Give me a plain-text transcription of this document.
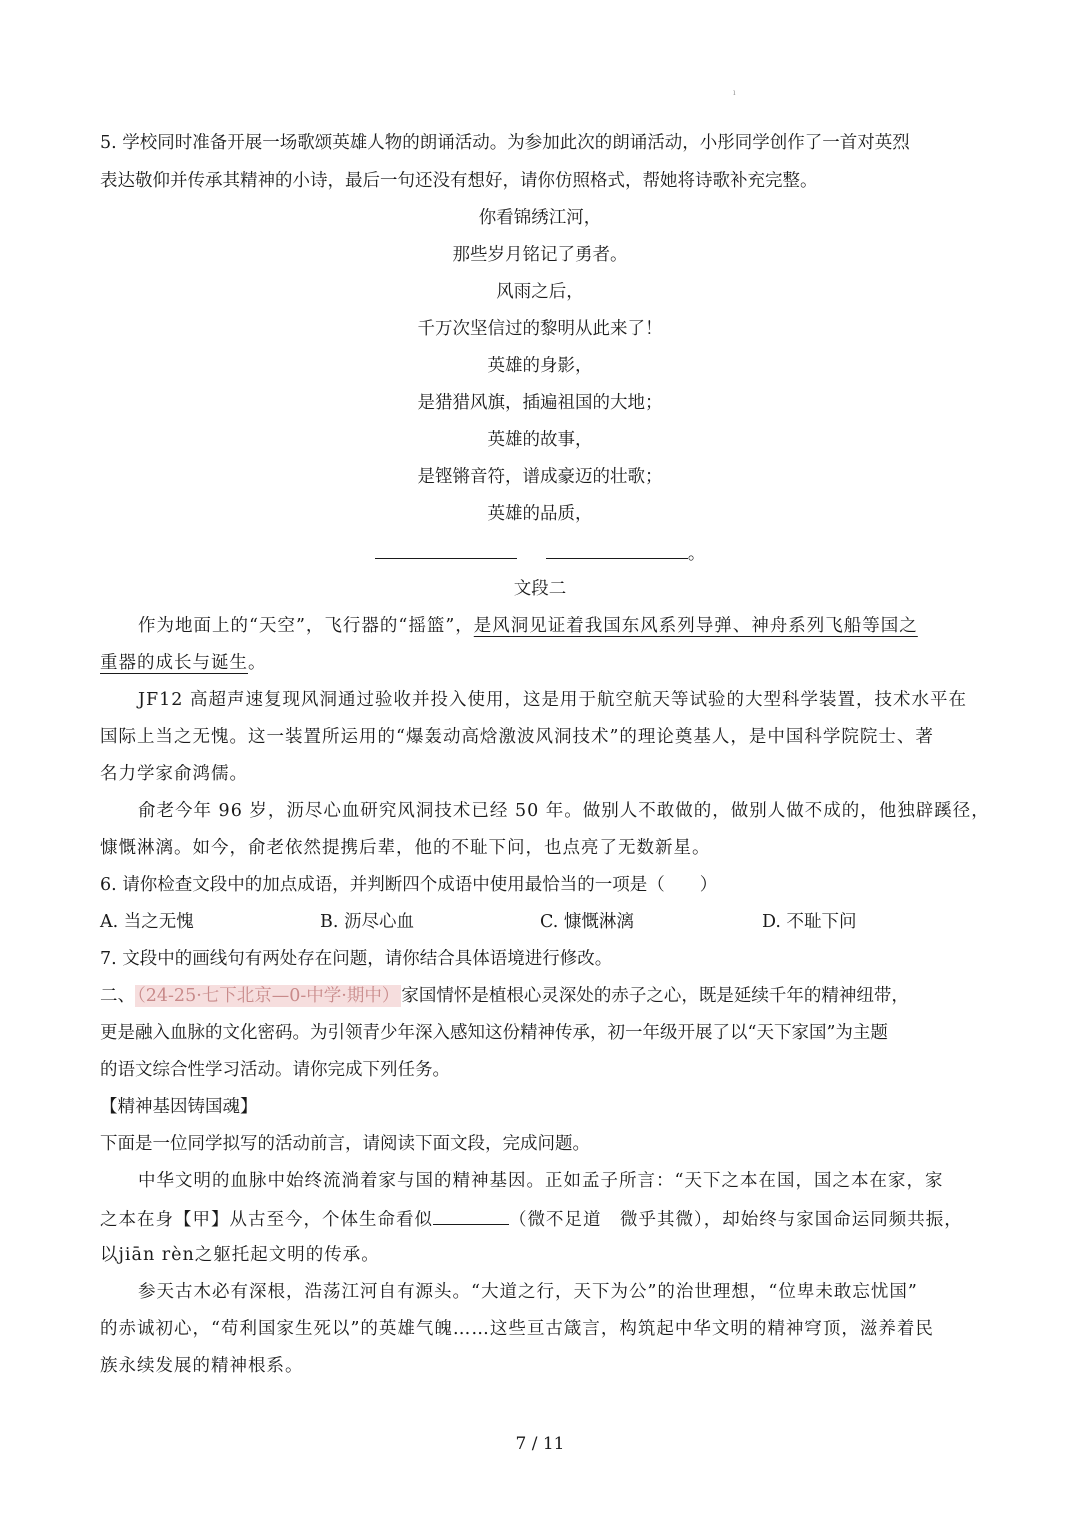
ı
5. 学校同时准备开展一场歌颂英雄人物的朗诵活动。为参加此次的朗诵活动，小彤同学创作了一首对英烈
表达敬仰并传承其精神的小诗，最后一句还没有想好，请你仿照格式，帮她将诗歌补充完整。
你看锦绣江河，
那些岁月铭记了勇者。
风雨之后，
千万次坚信过的黎明从此来了！
英雄的身影，
是猎猎风旗，插遍祖国的大地；
英雄的故事，
是铿锵音符，谱成豪迈的壮歌；
英雄的品质，
。
文段二
作为地面上的“天空”，飞行器的“摇篮”，是风洞见证着我国东风系列导弹、神舟系列飞船等国之
重器的成长与诞生。
JF12 高超声速复现风洞通过验收并投入使用，这是用于航空航天等试验的大型科学装置，技术水平在
国际上当之无愧。这一装置所运用的“爆轰动高焓激波风洞技术”的理论奠基人，是中国科学院院士、著
名力学家俞鸿儒。
俞老今年 96 岁，沥尽心血研究风洞技术已经 50 年。做别人不敢做的，做别人做不成的，他独辟蹊径，
慷慨淋漓。如今，俞老依然提携后辈，他的不耻下问，也点亮了无数新星。
6. 请你检查文段中的加点成语，并判断四个成语中使用最恰当的一项是（　　）
A. 当之无愧	B. 沥尽心血	C. 慷慨淋漓	D. 不耻下问
7. 文段中的画线句有两处存在问题，请你结合具体语境进行修改。
二、 （24-25·七下北京—0-中学·期中） 家国情怀是植根心灵深处的赤子之心，既是延续千年的精神纽带，
更是融入血脉的文化密码。为引领青少年深入感知这份精神传承，初一年级开展了以“天下家国”为主题
的语文综合性学习活动。请你完成下列任务。
【精神基因铸国魂】
下面是一位同学拟写的活动前言，请阅读下面文段，完成问题。
中华文明的血脉中始终流淌着家与国的精神基因。正如孟子所言：“天下之本在国，国之本在家，家
之本在身【甲】从古至今，个体生命看似	（微不足道　微乎其微），却始终与家国命运同频共振，
以jiān rèn之躯托起文明的传承。
参天古木必有深根，浩荡江河自有源头。“大道之行，天下为公”的治世理想，“位卑未敢忘忧国”
的赤诚初心，“苟利国家生死以”的英雄气魄……这些亘古箴言，构筑起中华文明的精神穹顶，滋养着民
族永续发展的精神根系。
7 / 11
